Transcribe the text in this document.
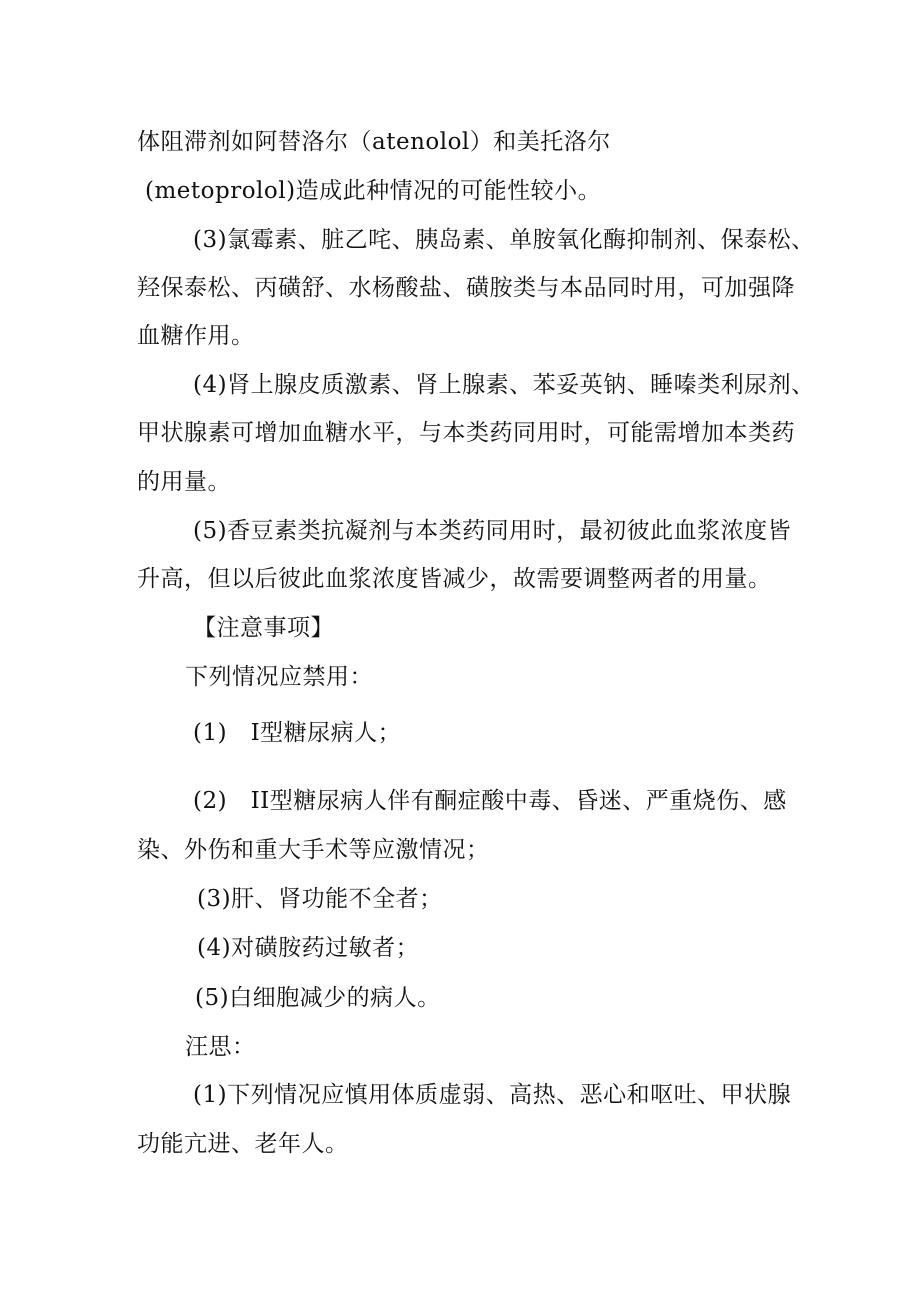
体阻滞剂如阿替洛尔（atenolol）和美托洛尔
(metoprolol)造成此种情况的可能性较小。
(3)氯霉素、脏乙咤、胰岛素、单胺氧化酶抑制剂、保泰松、
羟保泰松、丙磺舒、水杨酸盐、磺胺类与本品同时用，可加强降
血糖作用。
(4)肾上腺皮质激素、肾上腺素、苯妥英钠、睡嗪类利尿剂、
甲状腺素可增加血糖水平，与本类药同用时，可能需增加本类药
的用量。
(5)香豆素类抗凝剂与本类药同用时，最初彼此血浆浓度皆
升高，但以后彼此血浆浓度皆减少，故需要调整两者的用量。
【注意事项】
下列情况应禁用：
(1)　I型糖尿病人；
(2)　II型糖尿病人伴有酮症酸中毒、昏迷、严重烧伤、感
染、外伤和重大手术等应激情况；
(3)肝、肾功能不全者；
(4)对磺胺药过敏者；
(5)白细胞减少的病人。
汪思：
(1)下列情况应慎用体质虚弱、高热、恶心和呕吐、甲状腺
功能亢进、老年人。
